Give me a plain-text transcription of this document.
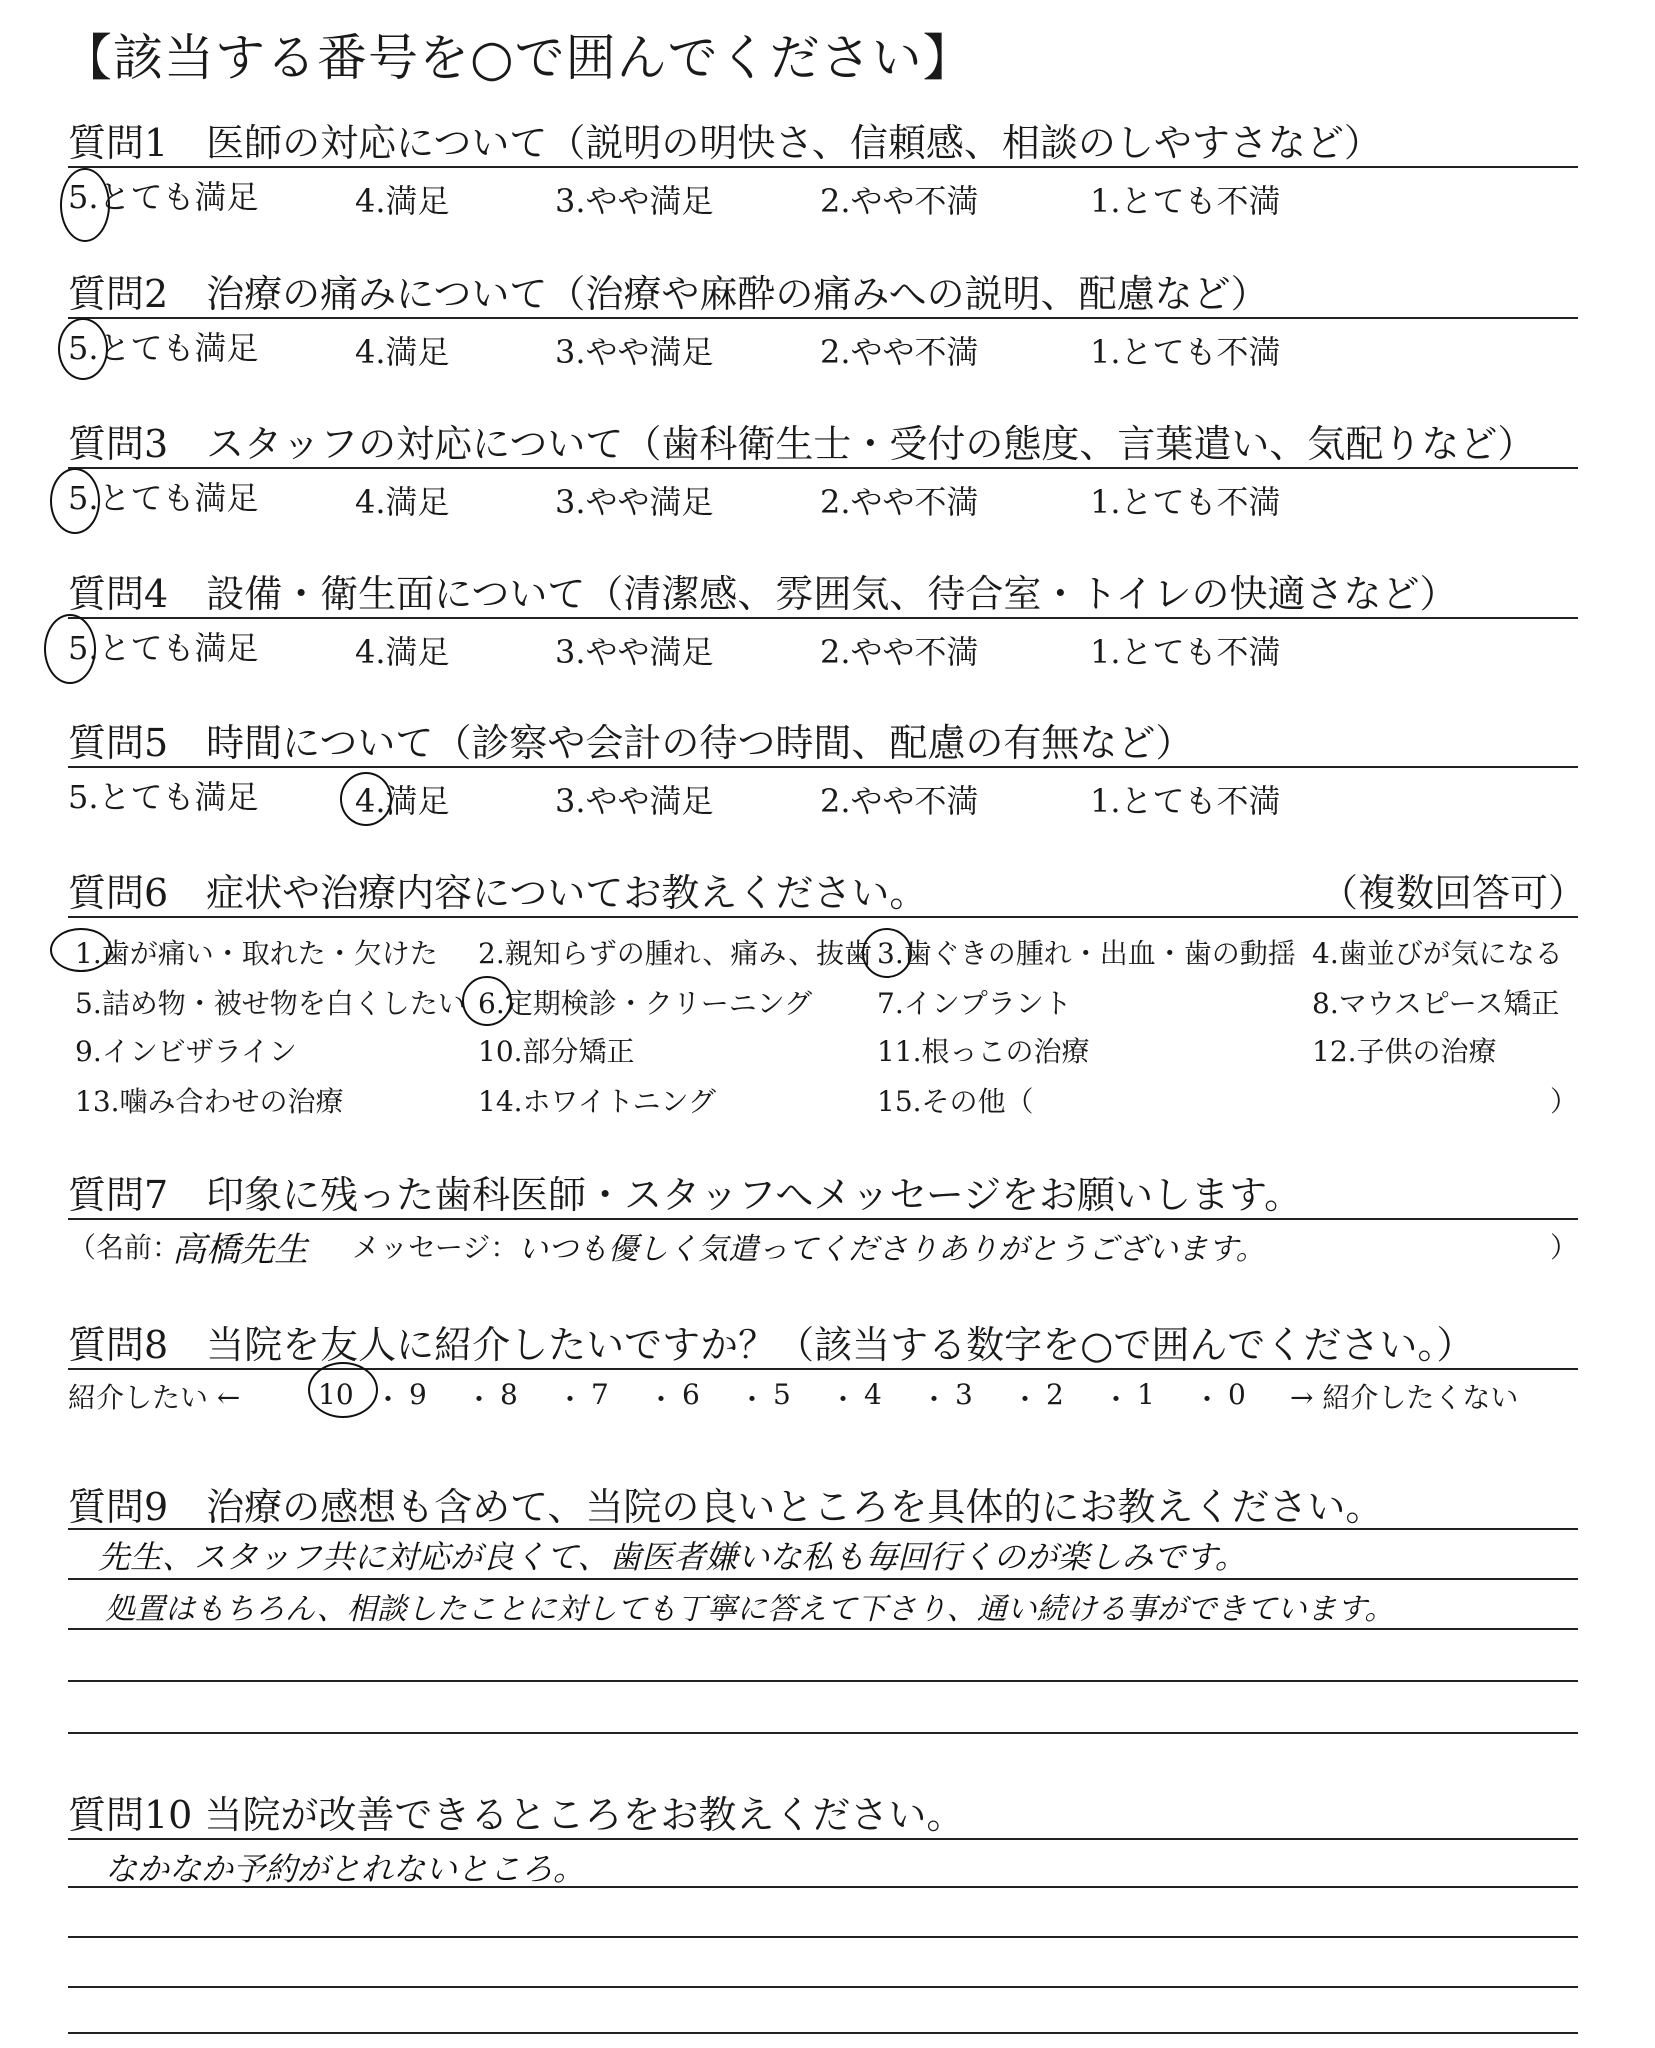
【該当する番号を○で囲んでください】
質問1　医師の対応について（説明の明快さ、信頼感、相談のしやすさなど）
5.とても満足	4.満足	3.やや満足	2.やや不満	1.とても不満
質問2　治療の痛みについて（治療や麻酔の痛みへの説明、配慮など）
5.とても満足	4.満足	3.やや満足	2.やや不満	1.とても不満
質問3　スタッフの対応について（歯科衛生士・受付の態度、言葉遣い、気配りなど）
5.とても満足	4.満足	3.やや満足	2.やや不満	1.とても不満
質問4　設備・衛生面について（清潔感、雰囲気、待合室・トイレの快適さなど）
5.とても満足	4.満足	3.やや満足	2.やや不満	1.とても不満
質問5　時間について（診察や会計の待つ時間、配慮の有無など）
5.とても満足	4.満足	3.やや満足	2.やや不満	1.とても不満
質問6　症状や治療内容についてお教えください。	（複数回答可）
1.歯が痛い・取れた・欠けた 2.親知らずの腫れ、痛み、抜歯 3.歯ぐきの腫れ・出血・歯の動揺 4.歯並びが気になる
5.詰め物・被せ物を白くしたい 6.定期検診・クリーニング 7.インプラント	8.マウスピース矯正
9.インビザライン	10.部分矯正	11.根っこの治療	12.子供の治療
13.噛み合わせの治療	14.ホワイトニング	15.その他（	）
質問7　印象に残った歯科医師・スタッフへメッセージをお願いします。
（名前：
高橋先生 メッセージ： いつも優しく気遣ってくださりありがとうございます。	）
質問8　当院を友人に紹介したいですか？（該当する数字を○で囲んでください。）
紹介したい ←	→ 紹介したくない
10 ・ 9 ・ 8 ・ 7 ・ 6 ・ 5 ・ 4 ・ 3 ・ 2 ・ 1 ・ 0
質問9　治療の感想も含めて、当院の良いところを具体的にお教えください。
先生、スタッフ共に対応が良くて、歯医者嫌いな私も毎回行くのが楽しみです。
処置はもちろん、相談したことに対しても丁寧に答えて下さり、通い続ける事ができています。
質問10 当院が改善できるところをお教えください。
なかなか予約がとれないところ。
